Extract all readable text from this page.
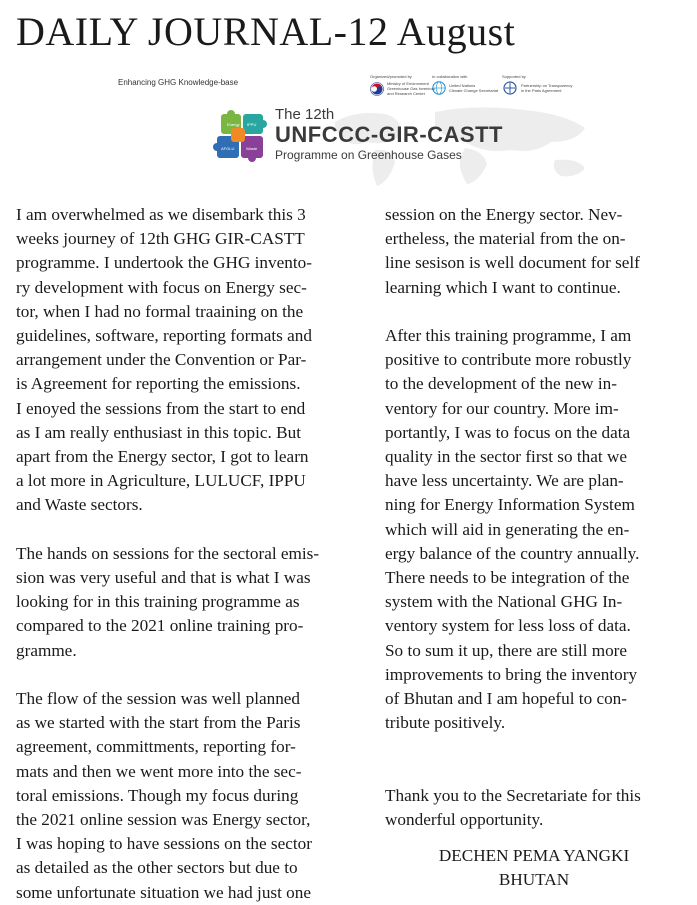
DAILY JOURNAL-12 August
Enhancing GHG Knowledge-base
Organized/promoted by
Ministry of Environment
Greenhouse Gas Inventory
and Research Center
In collaboration with
United Nations
Climate Change Secretariat
Supported by
Partnership on Transparency
in the Paris Agreement
Energy IPPU
AFOLU	Waste
The 12th
UNFCCC-GIR-CASTT
Programme on Greenhouse Gases
I am overwhelmed as we disembark this 3
weeks journey of 12th GHG GIR-CASTT
programme. I undertook the GHG invento-
ry development with focus on Energy sec-
tor, when I had no formal traaining on the
guidelines, software, reporting formats and
arrangement under the Convention or Par-
is Agreement for reporting the emissions.
I enoyed the sessions from the start to end
as I am really enthusiast in this topic. But
apart from the Energy sector, I got to learn
a lot more in Agriculture, LULUCF, IPPU
and Waste sectors.
The hands on sessions for the sectoral emis-
sion was very useful and that is what I was
looking for in this training programme as
compared to the 2021 online training pro-
gramme.
The flow of the session was well planned
as we started with the start from the Paris
agreement, committments, reporting for-
mats and then we went more into the sec-
toral emissions. Though my focus during
the 2021 online session was Energy sector,
I was hoping to have sessions on the sector
as detailed as the other sectors but due to
some unfortunate situation we had just one
session on the Energy sector. Nev-
ertheless, the material from the on-
line sesison is well document for self
learning which I want to continue.
After this training programme, I am
positive to contribute more robustly
to the development of the new in-
ventory for our country. More im-
portantly, I was to focus on the data
quality in the sector first so that we
have less uncertainty. We are plan-
ning for Energy Information System
which will aid in generating the en-
ergy balance of the country annually.
There needs to be integration of the
system with the National GHG In-
ventory system for less loss of data.
So to sum it up, there are still more
improvements to bring the inventory
of Bhutan and I am hopeful to con-
tribute positively.
Thank you to the Secretariate for this
wonderful opportunity.
DECHEN PEMA YANGKI
BHUTAN
